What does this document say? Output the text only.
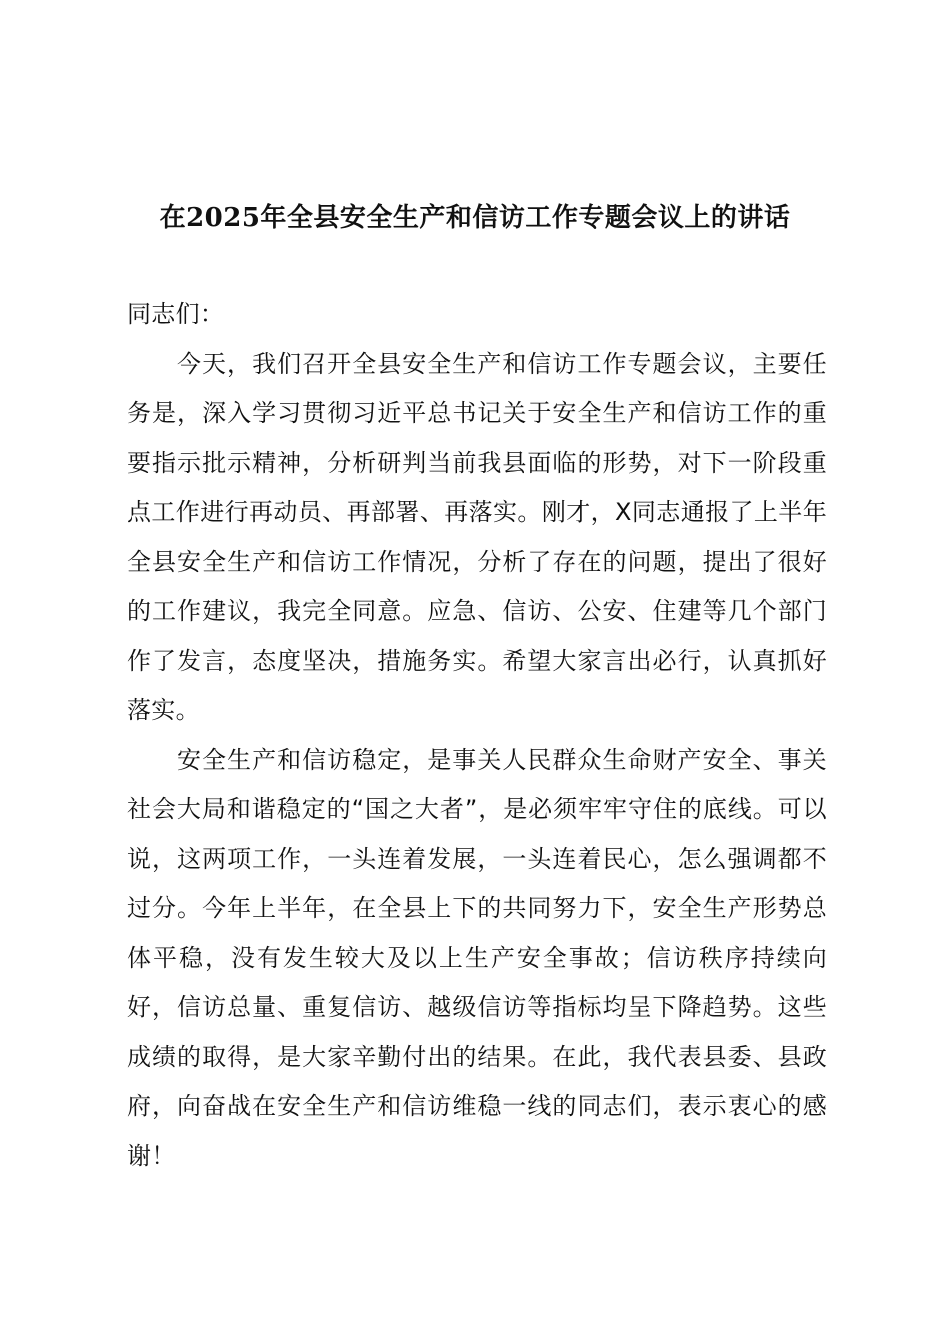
在2025年全县安全生产和信访工作专题会议上的讲话

同志们：

今天，我们召开全县安全生产和信访工作专题会议，主要任务是，深入学习贯彻习近平总书记关于安全生产和信访工作的重要指示批示精神，分析研判当前我县面临的形势，对下一阶段重点工作进行再动员、再部署、再落实。刚才，X同志通报了上半年全县安全生产和信访工作情况，分析了存在的问题，提出了很好的工作建议，我完全同意。应急、信访、公安、住建等几个部门作了发言，态度坚决，措施务实。希望大家言出必行，认真抓好落实。

安全生产和信访稳定，是事关人民群众生命财产安全、事关社会大局和谐稳定的“国之大者”，是必须牢牢守住的底线。可以说，这两项工作，一头连着发展，一头连着民心，怎么强调都不过分。今年上半年，在全县上下的共同努力下，安全生产形势总体平稳，没有发生较大及以上生产安全事故；信访秩序持续向好，信访总量、重复信访、越级信访等指标均呈下降趋势。这些成绩的取得，是大家辛勤付出的结果。在此，我代表县委、县政府，向奋战在安全生产和信访维稳一线的同志们，表示衷心的感谢！
